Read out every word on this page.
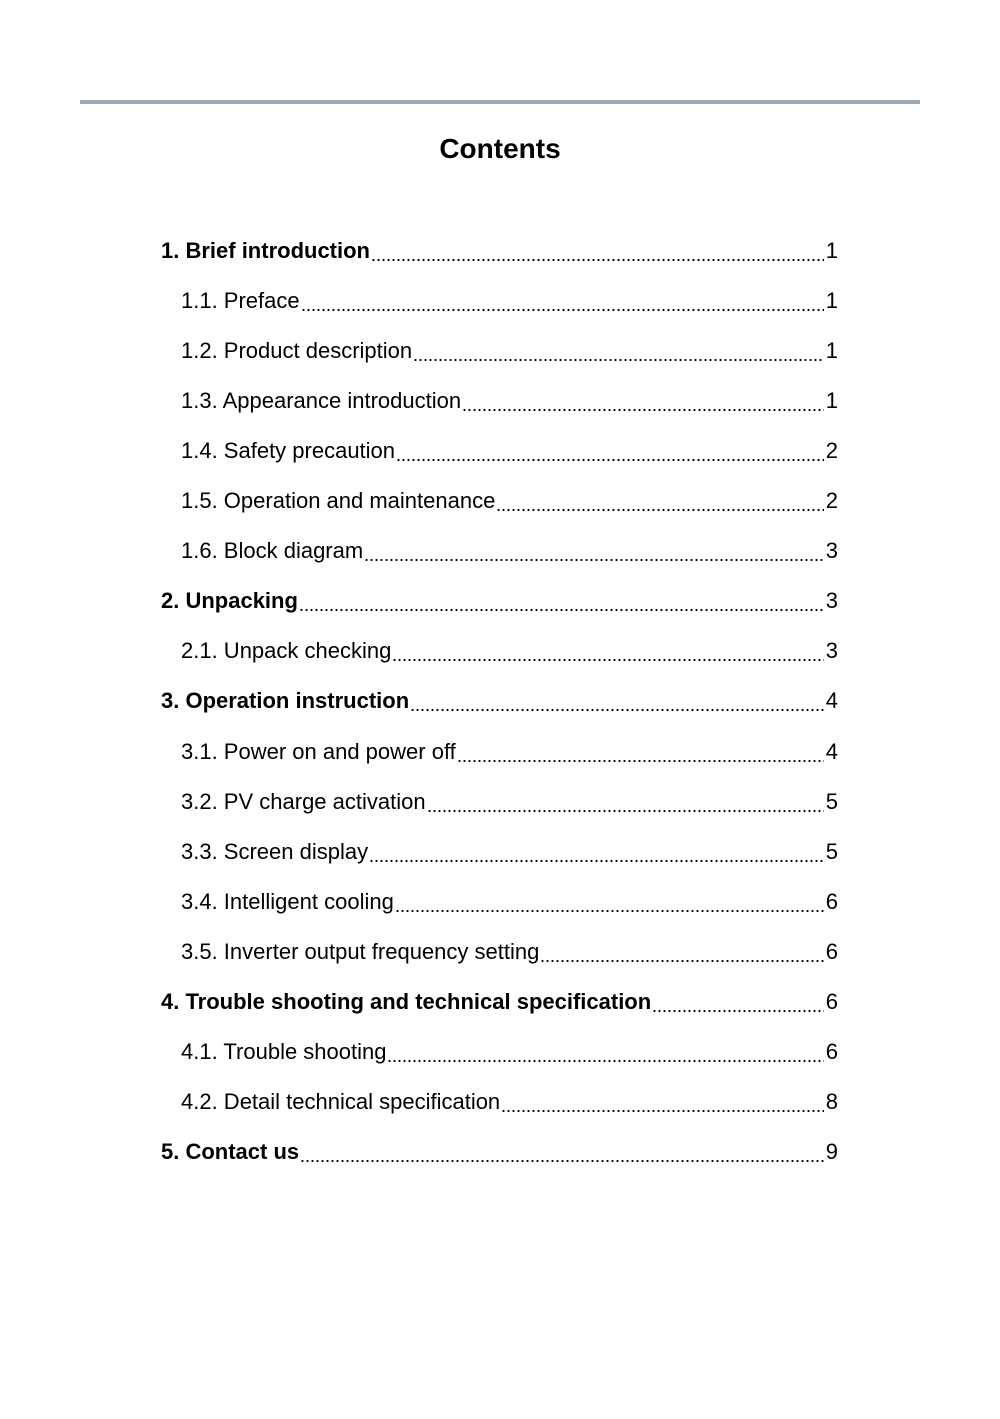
Contents
1. Brief introduction	1
1.1. Preface	1
1.2. Product description	1
1.3. Appearance introduction	1
1.4. Safety precaution	2
1.5. Operation and maintenance	2
1.6. Block diagram	3
2. Unpacking	3
2.1. Unpack checking	3
3. Operation instruction	4
3.1. Power on and power off	4
3.2. PV charge activation	5
3.3. Screen display	5
3.4. Intelligent cooling	6
3.5. Inverter output frequency setting	6
4. Trouble shooting and technical specification	6
4.1. Trouble shooting	6
4.2. Detail technical specification	8
5. Contact us	9
